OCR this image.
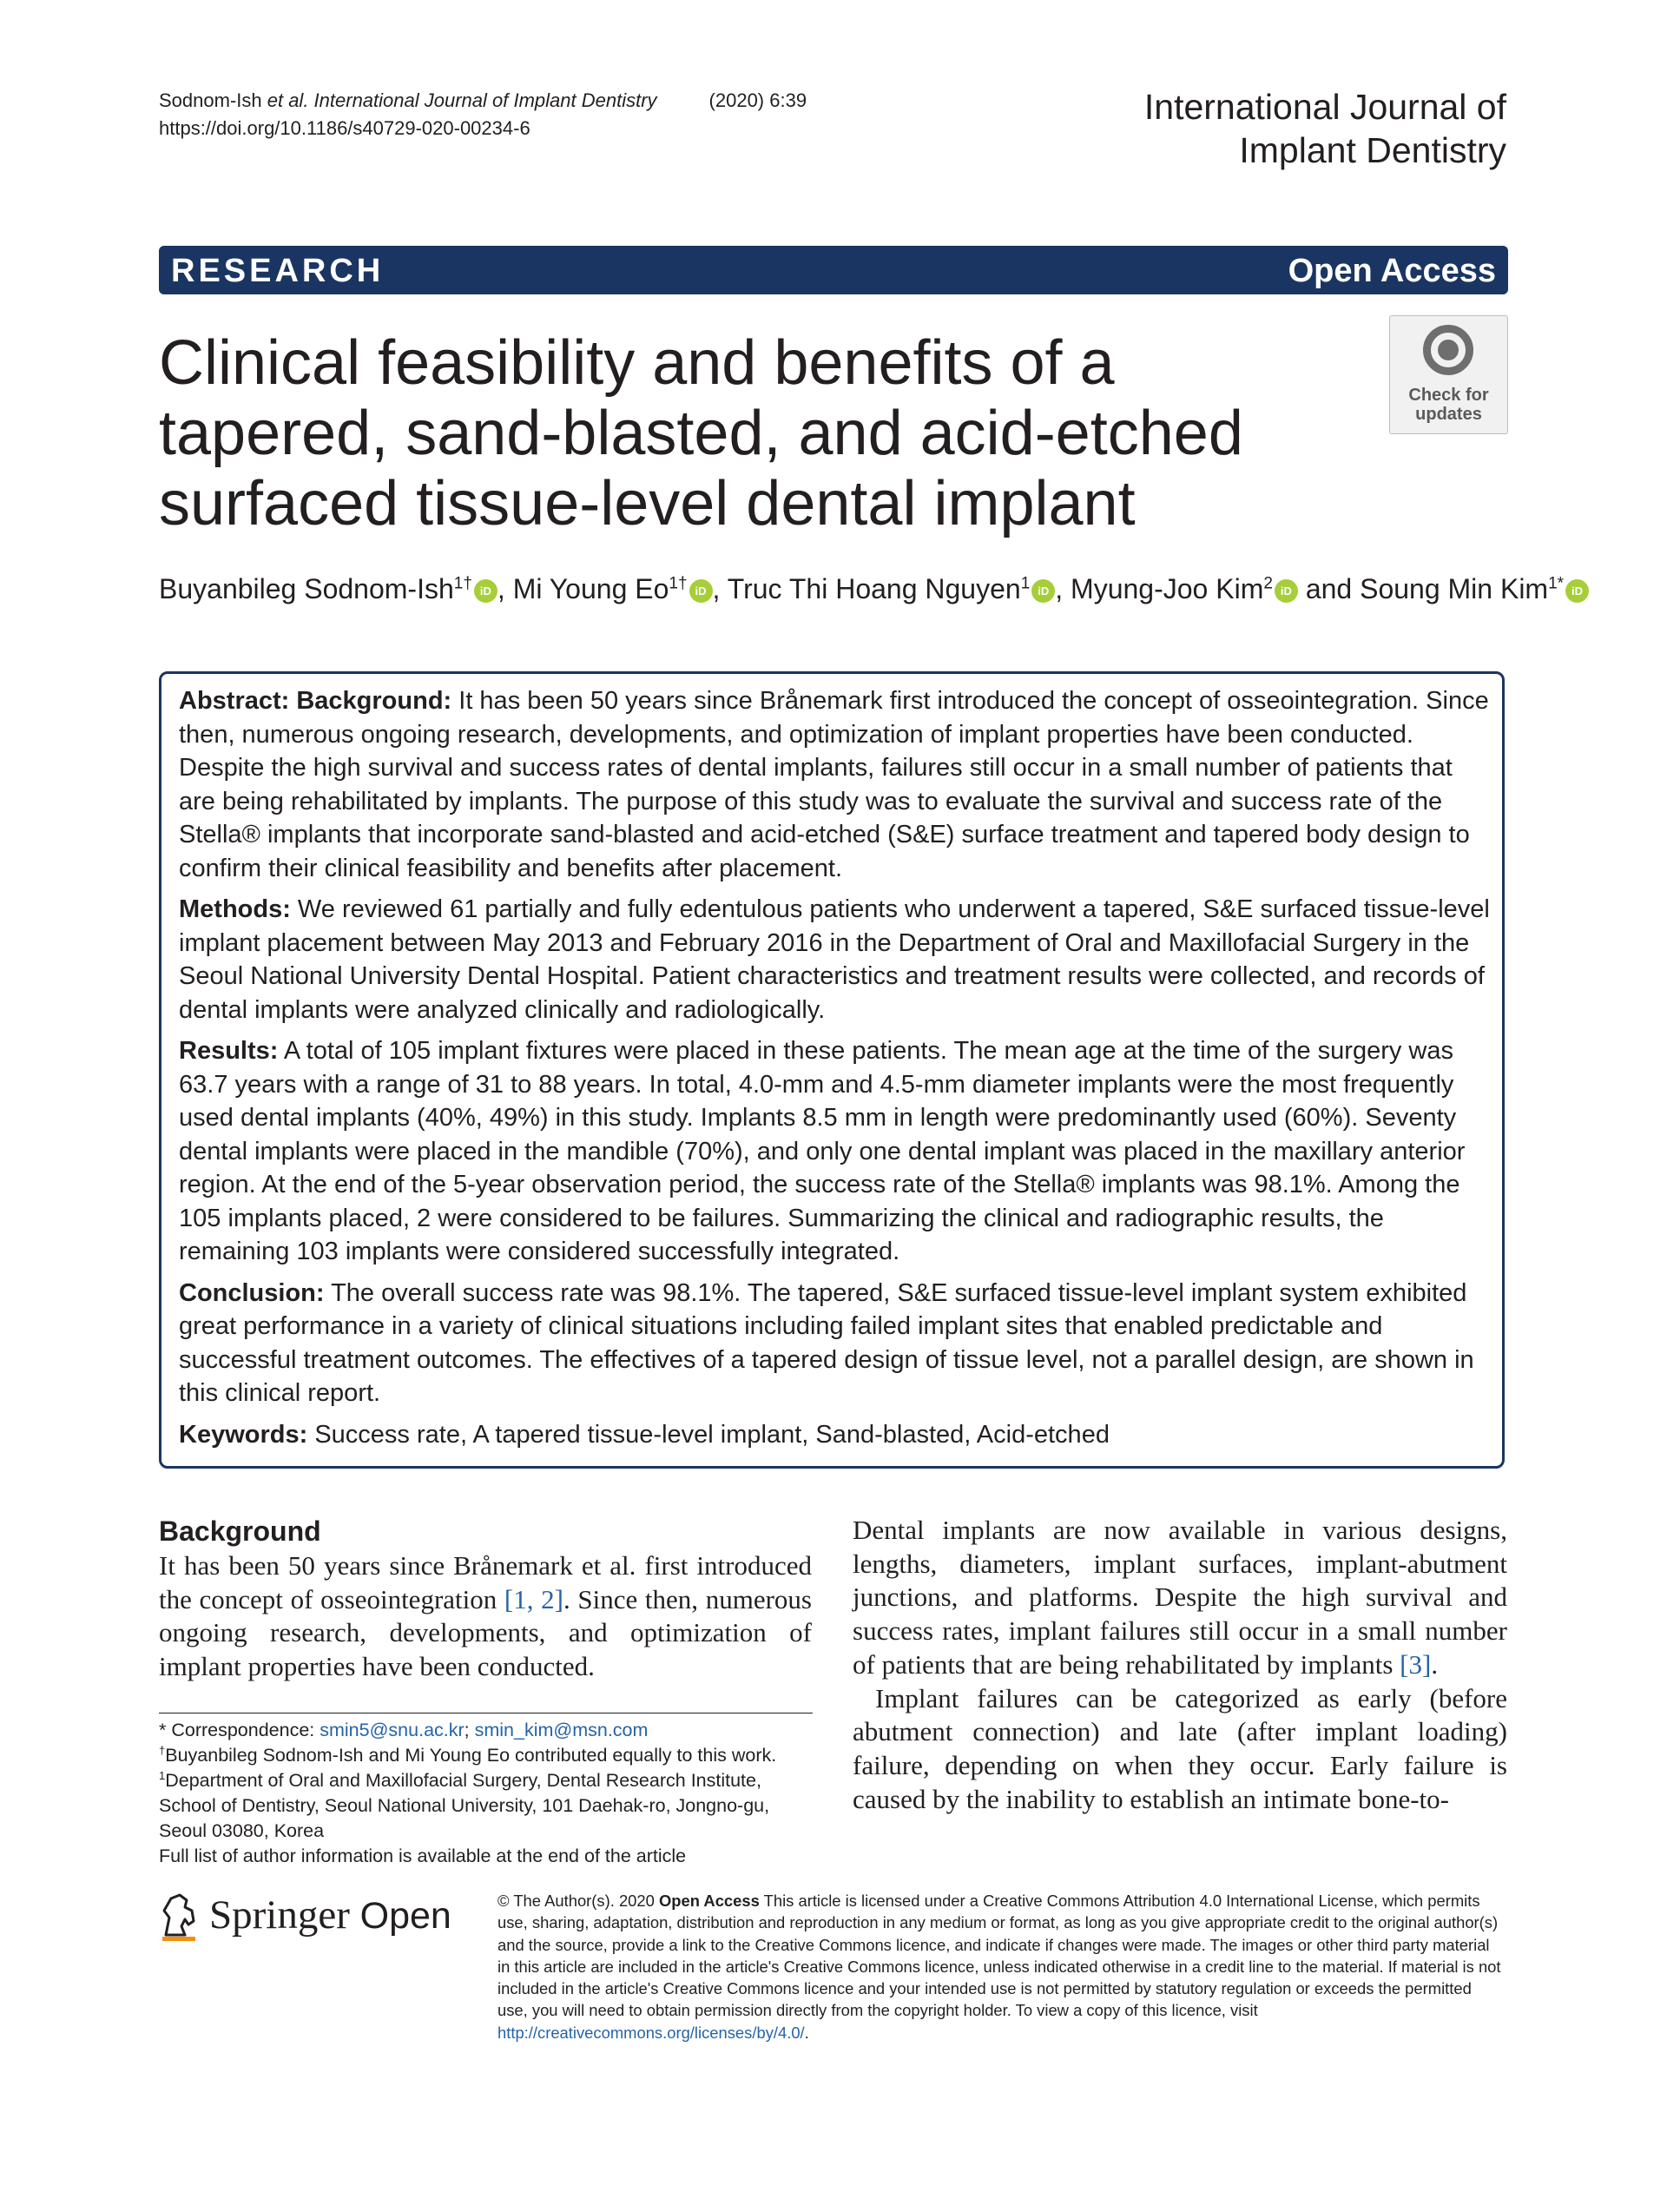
Sodnom-Ish et al. International Journal of Implant Dentistry	(2020) 6:39
https://doi.org/10.1186/s40729-020-00234-6
International Journal of
Implant Dentistry
RESEARCH	Open Access
Clinical feasibility and benefits of a tapered, sand-blasted, and acid-etched surfaced tissue-level dental implant
Check for
updates
Buyanbileg Sodnom-Ish$^{1\dagger}$ iD , Mi Young $Eo^{1\dagger}$ iD , Truc Thi Hoang Nguyen$^1$ iD , Myung-Joo Kim$^2$ iD and Soung Min Kim$^{1*}$ iD

Abstract: Background: It has been 50 years since Brånemark first introduced the concept of osseointegration. Since then, numerous ongoing research, developments, and optimization of implant properties have been conducted. Despite the high survival and success rates of dental implants, failures still occur in a small number of patients that are being rehabilitated by implants. The purpose of this study was to evaluate the survival and success rate of the Stella® implants that incorporate sand-blasted and acid-etched (S&E) surface treatment and tapered body design to confirm their clinical feasibility and benefits after placement.

Methods: We reviewed 61 partially and fully edentulous patients who underwent a tapered, S&E surfaced tissue-level implant placement between May 2013 and February 2016 in the Department of Oral and Maxillofacial Surgery in the Seoul National University Dental Hospital. Patient characteristics and treatment results were collected, and records of dental implants were analyzed clinically and radiologically.

Results: A total of 105 implant fixtures were placed in these patients. The mean age at the time of the surgery was 63.7 years with a range of 31 to 88 years. In total, 4.0-mm and 4.5-mm diameter implants were the most frequently used dental implants (40%, 49%) in this study. Implants 8.5 mm in length were predominantly used (60%). Seventy dental implants were placed in the mandible (70%), and only one dental implant was placed in the maxillary anterior region. At the end of the 5-year observation period, the success rate of the Stella® implants was 98.1%. Among the 105 implants placed, 2 were considered to be failures. Summarizing the clinical and radiographic results, the remaining 103 implants were considered successfully integrated.

Conclusion: The overall success rate was 98.1%. The tapered, S&E surfaced tissue-level implant system exhibited great performance in a variety of clinical situations including failed implant sites that enabled predictable and successful treatment outcomes. The effectives of a tapered design of tissue level, not a parallel design, are shown in this clinical report.

Keywords: Success rate, A tapered tissue-level implant, Sand-blasted, Acid-etched

Background

It has been 50 years since Brånemark et al. first introduced the concept of osseointegration [1, 2]. Since then, numerous ongoing research, developments, and optimization of implant properties have been conducted.

Dental implants are now available in various designs, lengths, diameters, implant surfaces, implant-abutment junctions, and platforms. Despite the high survival and success rates, implant failures still occur in a small number of patients that are being rehabilitated by implants [3].

Implant failures can be categorized as early (before abutment connection) and late (after implant loading) failure, depending on when they occur. Early failure is caused by the inability to establish an intimate bone-to-

* Correspondence: smin5@snu.ac.kr; smin_kim@msn.com
†Buyanbileg Sodnom-Ish and Mi Young Eo contributed equally to this work.
$^1$Department of Oral and Maxillofacial Surgery, Dental Research Institute, School of Dentistry, Seoul National University, 101 Daehak-ro, Jongno-gu, Seoul 03080, Korea
Full list of author information is available at the end of the article
Springer Open	© The Author(s). 2020 Open Access This article is licensed under a Creative Commons Attribution 4.0 International License, which permits use, sharing, adaptation, distribution and reproduction in any medium or format, as long as you give appropriate credit to the original author(s) and the source, provide a link to the Creative Commons licence, and indicate if changes were made. The images or other third party material in this article are included in the article's Creative Commons licence, unless indicated otherwise in a credit line to the material. If material is not included in the article's Creative Commons licence and your intended use is not permitted by statutory regulation or exceeds the permitted use, you will need to obtain permission directly from the copyright holder. To view a copy of this licence, visit http://creativecommons.org/licenses/by/4.0/.
